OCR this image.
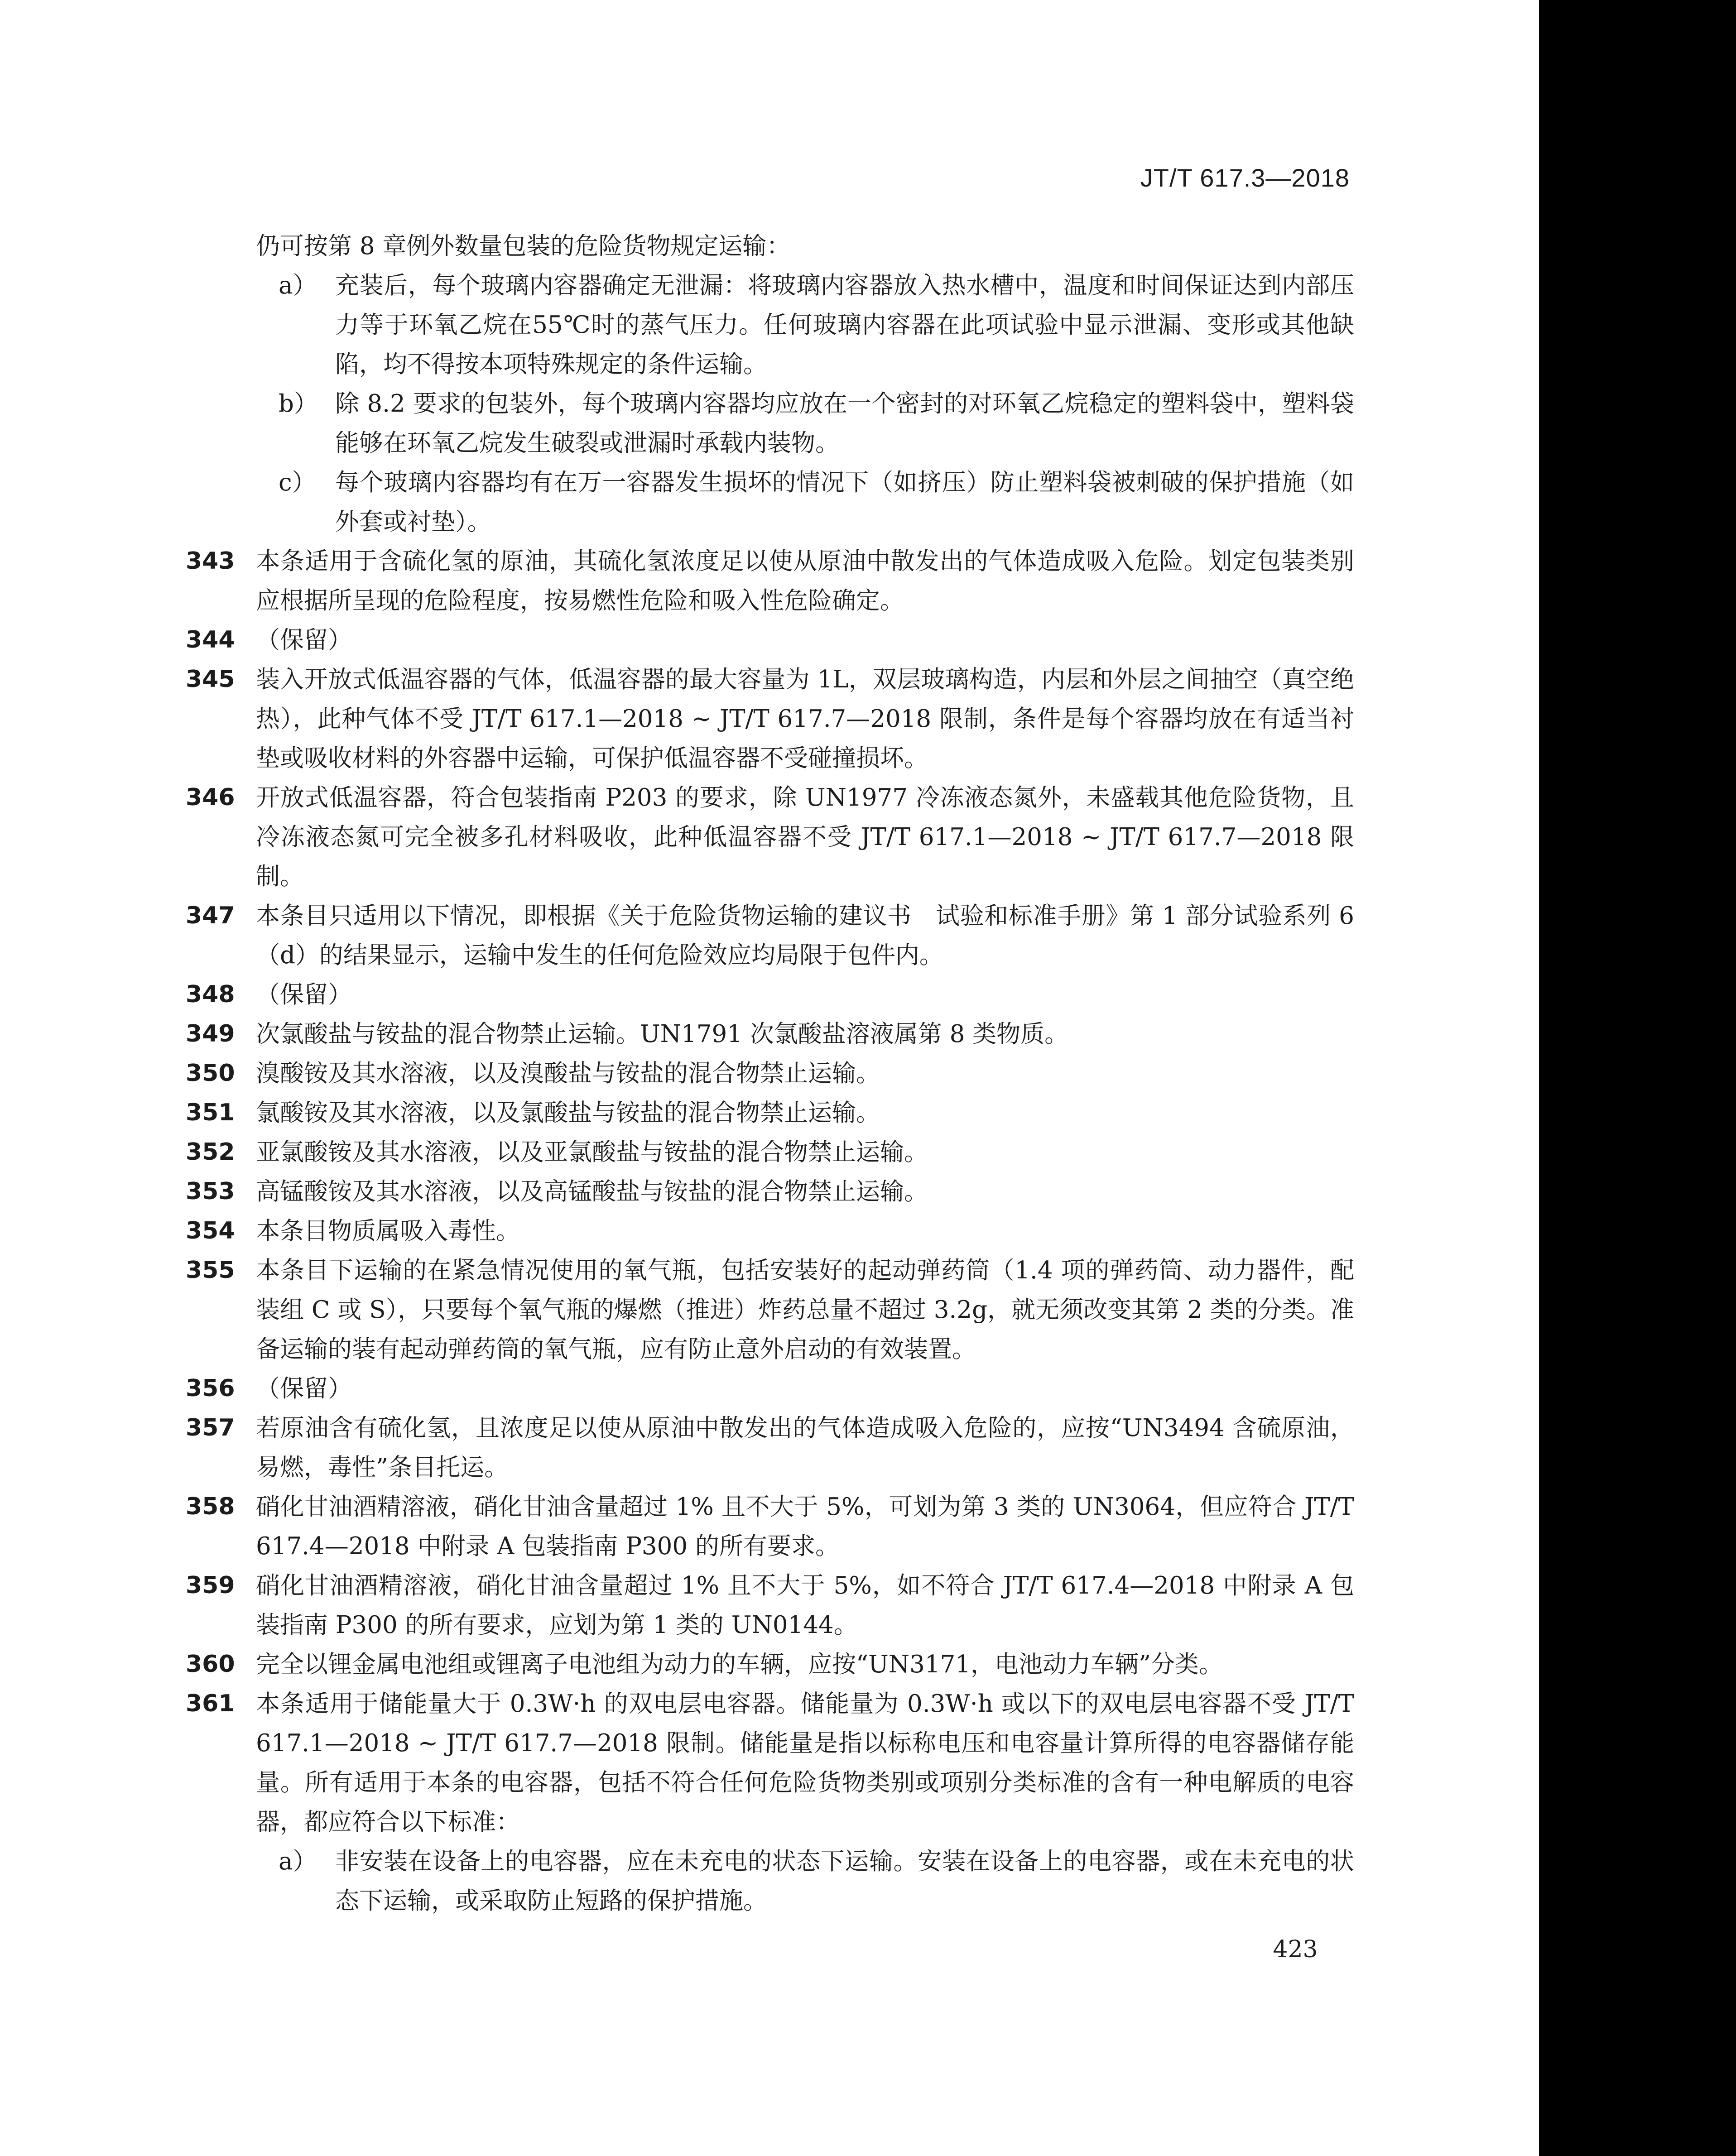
JT/T 617.3—2018
仍可按第 8 章例外数量包装的危险货物规定运输：
a） 充装后，每个玻璃内容器确定无泄漏：将玻璃内容器放入热水槽中，温度和时间保证达到内部压力等于环氧乙烷在55℃时的蒸气压力。任何玻璃内容器在此项试验中显示泄漏、变形或其他缺陷，均不得按本项特殊规定的条件运输。
b） 除 8.2 要求的包装外，每个玻璃内容器均应放在一个密封的对环氧乙烷稳定的塑料袋中，塑料袋能够在环氧乙烷发生破裂或泄漏时承载内装物。
c） 每个玻璃内容器均有在万一容器发生损坏的情况下（如挤压）防止塑料袋被刺破的保护措施（如外套或衬垫）。
343 本条适用于含硫化氢的原油，其硫化氢浓度足以使从原油中散发出的气体造成吸入危险。划定包装类别应根据所呈现的危险程度，按易燃性危险和吸入性危险确定。
344 （保留）
345 装入开放式低温容器的气体，低温容器的最大容量为 1L，双层玻璃构造，内层和外层之间抽空（真空绝热），此种气体不受 JT/T 617.1—2018 ~ JT/T 617.7—2018 限制，条件是每个容器均放在有适当衬垫或吸收材料的外容器中运输，可保护低温容器不受碰撞损坏。
346 开放式低温容器，符合包装指南 P203 的要求，除 UN1977 冷冻液态氮外，未盛载其他危险货物，且冷冻液态氮可完全被多孔材料吸收，此种低温容器不受 JT/T 617.1—2018 ~ JT/T 617.7—2018 限制。
347 本条目只适用以下情况，即根据《关于危险货物运输的建议书　试验和标准手册》第 1 部分试验系列 6（d）的结果显示，运输中发生的任何危险效应均局限于包件内。
348 （保留）
349 次氯酸盐与铵盐的混合物禁止运输。UN1791 次氯酸盐溶液属第 8 类物质。
350 溴酸铵及其水溶液，以及溴酸盐与铵盐的混合物禁止运输。
351 氯酸铵及其水溶液，以及氯酸盐与铵盐的混合物禁止运输。
352 亚氯酸铵及其水溶液，以及亚氯酸盐与铵盐的混合物禁止运输。
353 高锰酸铵及其水溶液，以及高锰酸盐与铵盐的混合物禁止运输。
354 本条目物质属吸入毒性。
355 本条目下运输的在紧急情况使用的氧气瓶，包括安装好的起动弹药筒（1.4 项的弹药筒、动力器件，配装组 C 或 S），只要每个氧气瓶的爆燃（推进）炸药总量不超过 3.2g，就无须改变其第 2 类的分类。准备运输的装有起动弹药筒的氧气瓶，应有防止意外启动的有效装置。
356 （保留）
357 若原油含有硫化氢，且浓度足以使从原油中散发出的气体造成吸入危险的，应按“UN3494 含硫原油，易燃，毒性”条目托运。
358 硝化甘油酒精溶液，硝化甘油含量超过 1% 且不大于 5%，可划为第 3 类的 UN3064，但应符合 JT/T 617.4—2018 中附录 A 包装指南 P300 的所有要求。
359 硝化甘油酒精溶液，硝化甘油含量超过 1% 且不大于 5%，如不符合 JT/T 617.4—2018 中附录 A 包装指南 P300 的所有要求，应划为第 1 类的 UN0144。
360 完全以锂金属电池组或锂离子电池组为动力的车辆，应按“UN3171，电池动力车辆”分类。
361 本条适用于储能量大于 0.3W·h 的双电层电容器。储能量为 0.3W·h 或以下的双电层电容器不受 JT/T 617.1—2018 ~ JT/T 617.7—2018 限制。储能量是指以标称电压和电容量计算所得的电容器储存能量。所有适用于本条的电容器，包括不符合任何危险货物类别或项别分类标准的含有一种电解质的电容器，都应符合以下标准：
a） 非安装在设备上的电容器，应在未充电的状态下运输。安装在设备上的电容器，或在未充电的状态下运输，或采取防止短路的保护措施。
423
